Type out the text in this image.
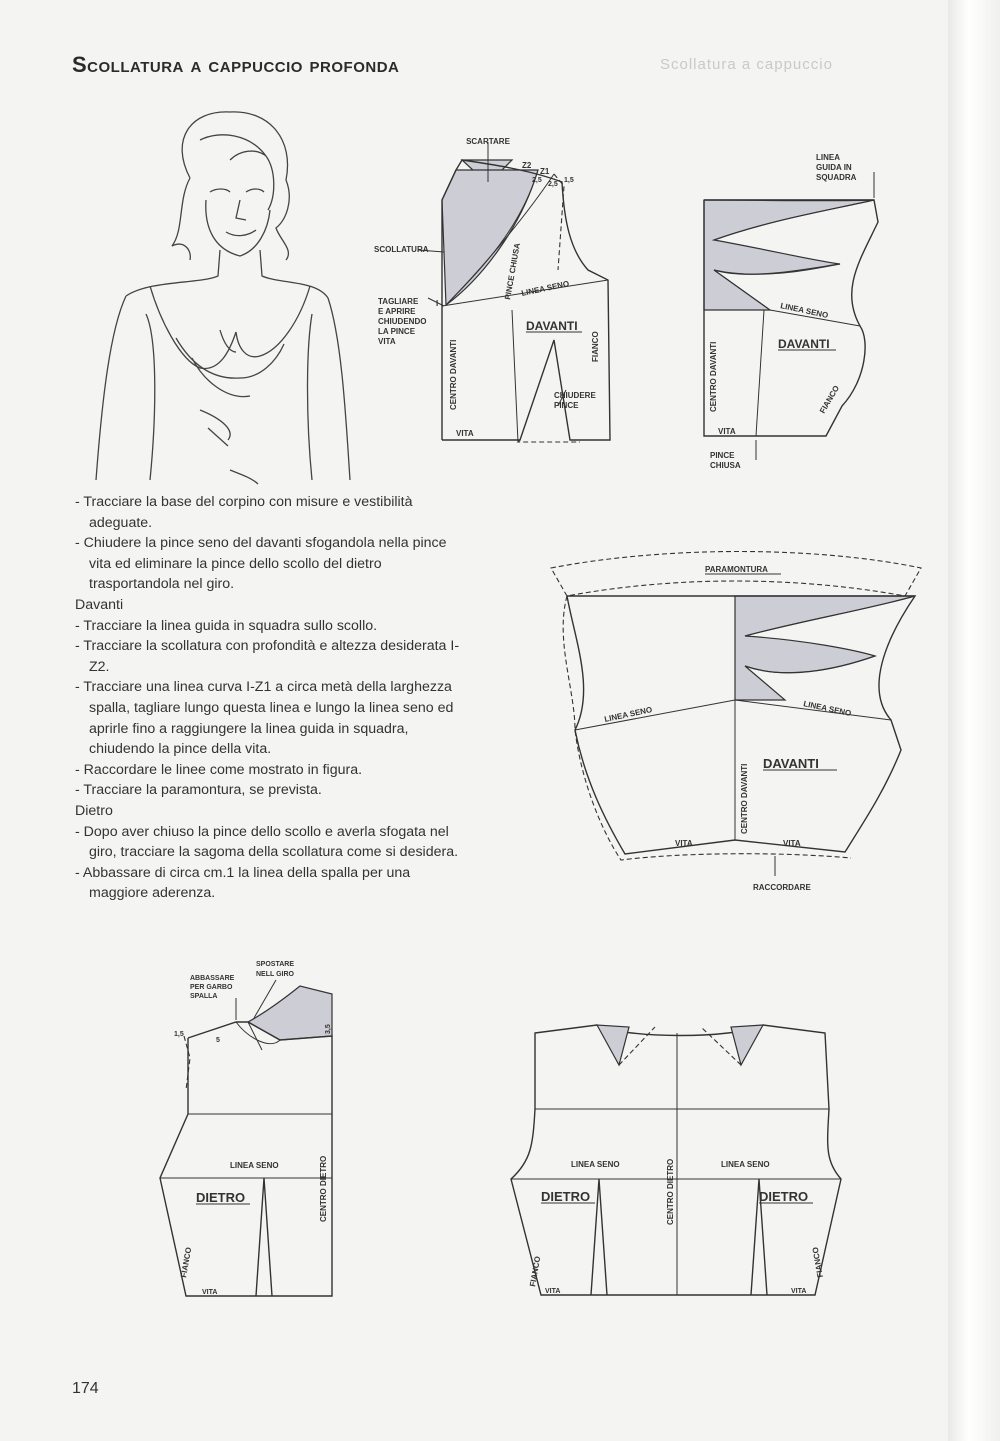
Scollatura a cappuccio
Scollatura a cappuccio profonda
SCARTARE
Z2
Z1
2,5
2,5
1,5
SCOLLATURA
TAGLIARE
E APRIRE
CHIUDENDO
LA PINCE
VITA
I
PINCE CHIUSA
LINEA SENO
DAVANTI
CENTRO DAVANTI	FIANCO
CHIUDERE
PINCE
VITA
LINEA
GUIDA IN
SQUADRA
LINEA SENO
DAVANTI
CENTRO DAVANTI	FIANCO
VITA
PINCE
CHIUSA
PARAMONTURA
LINEA SENO	LINEA SENO
DAVANTI
CENTRO DAVANTI
VITA	VITA
RACCORDARE
- Tracciare la base del corpino con misure e vestibilità adeguate.
- Chiudere la pince seno del davanti sfogandola nella pince vita ed eliminare la pince dello scollo del dietro trasportandola nel giro.
Davanti
- Tracciare la linea guida in squadra sullo scollo.
- Tracciare la scollatura con profondità e altezza desiderata I-Z2.
- Tracciare una linea curva I-Z1 a circa metà della larghezza spalla, tagliare lungo questa linea e lungo la linea seno ed aprirle fino a raggiungere la linea guida in squadra, chiudendo la pince della vita.
- Raccordare le linee come mostrato in figura.
- Tracciare la paramontura, se prevista.
Dietro
- Dopo aver chiuso la pince dello scollo e averla sfogata nel giro, tracciare la sagoma della scollatura come si desidera.
- Abbassare di circa cm.1 la linea della spalla per una maggiore aderenza.
ABBASSARE
PER GARBO
SPALLA
SPOSTARE
NELL GIRO
1,5
5
3,5
LINEA SENO
DIETRO	CENTRO DIETRO
FIANCO
VITA
LINEA SENO	LINEA SENO
DIETRO	DIETRO
CENTRO DIETRO
FIANCO	FIANCO
VITA	VITA
174
